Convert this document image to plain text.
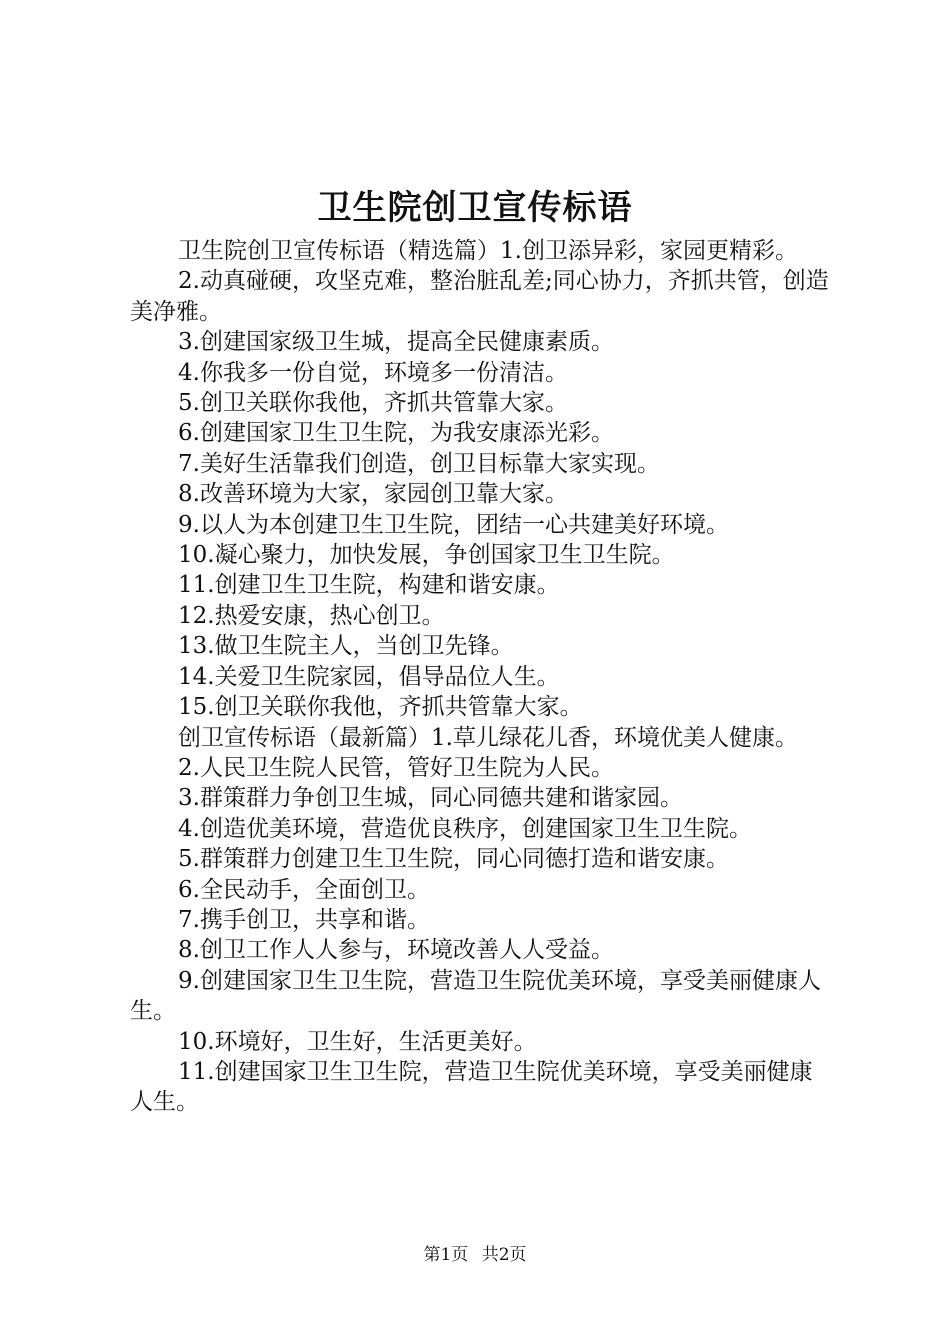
卫生院创卫宣传标语

卫生院创卫宣传标语（精选篇）1.创卫添异彩，家园更精彩。

2.动真碰硬，攻坚克难，整治脏乱差;同心协力，齐抓共管，创造美净雅。

3.创建国家级卫生城，提高全民健康素质。

4.你我多一份自觉，环境多一份清洁。

5.创卫关联你我他，齐抓共管靠大家。

6.创建国家卫生卫生院，为我安康添光彩。

7.美好生活靠我们创造，创卫目标靠大家实现。

8.改善环境为大家，家园创卫靠大家。

9.以人为本创建卫生卫生院，团结一心共建美好环境。

10.凝心聚力，加快发展，争创国家卫生卫生院。

11.创建卫生卫生院，构建和谐安康。

12.热爱安康，热心创卫。

13.做卫生院主人，当创卫先锋。

14.关爱卫生院家园，倡导品位人生。

15.创卫关联你我他，齐抓共管靠大家。

创卫宣传标语（最新篇）1.草儿绿花儿香，环境优美人健康。

2.人民卫生院人民管，管好卫生院为人民。

3.群策群力争创卫生城，同心同德共建和谐家园。

4.创造优美环境，营造优良秩序，创建国家卫生卫生院。

5.群策群力创建卫生卫生院，同心同德打造和谐安康。

6.全民动手，全面创卫。

7.携手创卫，共享和谐。

8.创卫工作人人参与，环境改善人人受益。

9.创建国家卫生卫生院，营造卫生院优美环境，享受美丽健康人生。

10.环境好，卫生好，生活更美好。

11.创建国家卫生卫生院，营造卫生院优美环境，享受美丽健康人生。

第1页 共2页
